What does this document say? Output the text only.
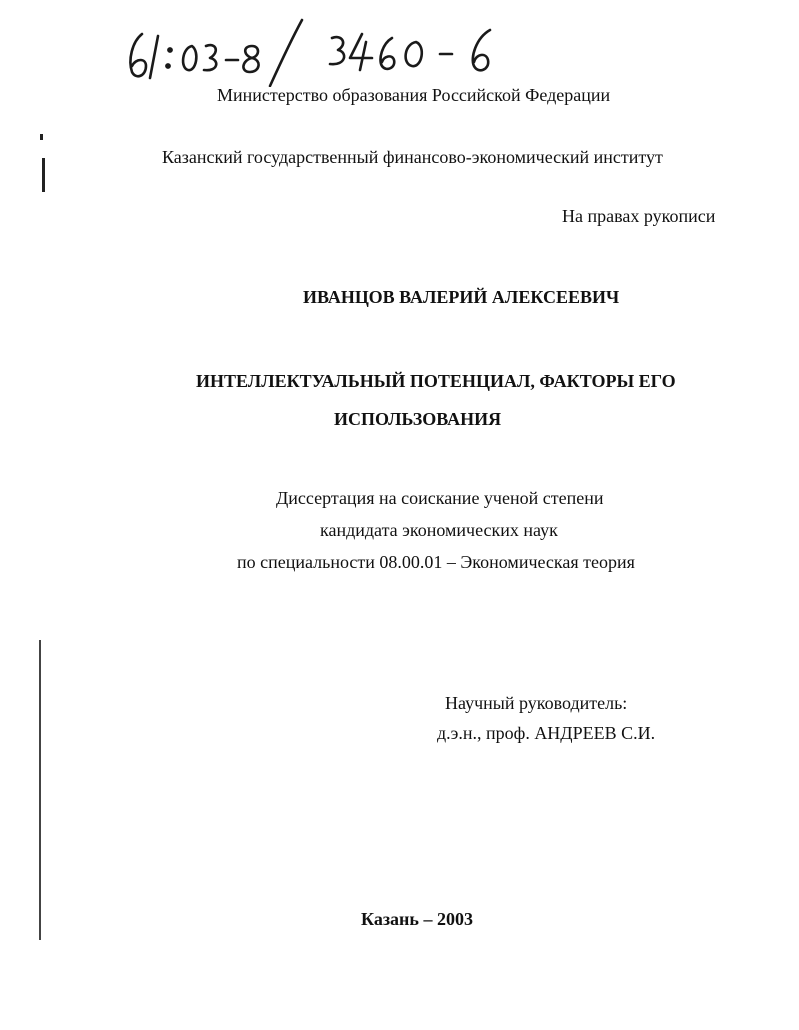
Министерство образования Российской Федерации
Казанский государственный финансово-экономический институт
На правах рукописи
ИВАНЦОВ ВАЛЕРИЙ АЛЕКСЕЕВИЧ
ИНТЕЛЛЕКТУАЛЬНЫЙ ПОТЕНЦИАЛ, ФАКТОРЫ ЕГО
ИСПОЛЬЗОВАНИЯ
Диссертация на соискание ученой степени
кандидата экономических наук
по специальности 08.00.01 – Экономическая теория
Научный руководитель:
д.э.н., проф. АНДРЕЕВ С.И.
Казань – 2003
